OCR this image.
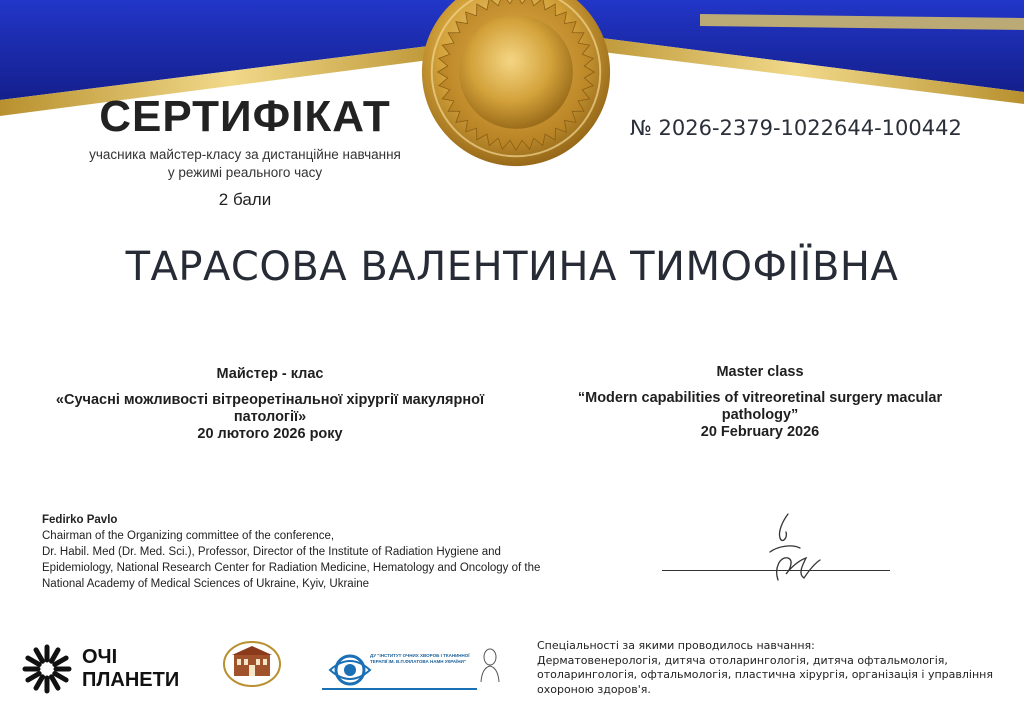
СЕРТИФІКАТ
учасника майстер-класу за дистанційне навчання
у режимі реального часу
2 бали
№ 2026-2379-1022644-100442
ТАРАСОВА ВАЛЕНТИНА ТИМОФІЇВНА
Майстер - клас
«Сучасні можливості вітреоретінальної хірургії макулярної
патології»
20 лютого 2026 року
Master class
“Modern capabilities of vitreoretinal surgery macular
pathology”
20 February 2026
Fedirko Pavlo
Chairman of the Organizing committee of the conference,
Dr. Habil. Med (Dr. Med. Sci.), Professor, Director of the Institute of Radiation Hygiene and
Epidemiology, National Research Center for Radiation Medicine, Hematology and Oncology of the
National Academy of Medical Sciences of Ukraine, Kyiv, Ukraine
ОЧІ
ПЛАНЕТИ
ДУ "ІНСТИТУТ ОЧНИХ ХВОРОБ І ТКАНИННОЇ ТЕРАПІЇ ІМ. В.П.ФІЛАТОВА НАМН УКРАЇНИ"
Спеціальності за якими проводилось навчання:
Дерматовенерологія, дитяча отоларингологія, дитяча офтальмологія,
отоларингологія, офтальмологія, пластична хірургія, організація і управління
охороною здоров'я.
